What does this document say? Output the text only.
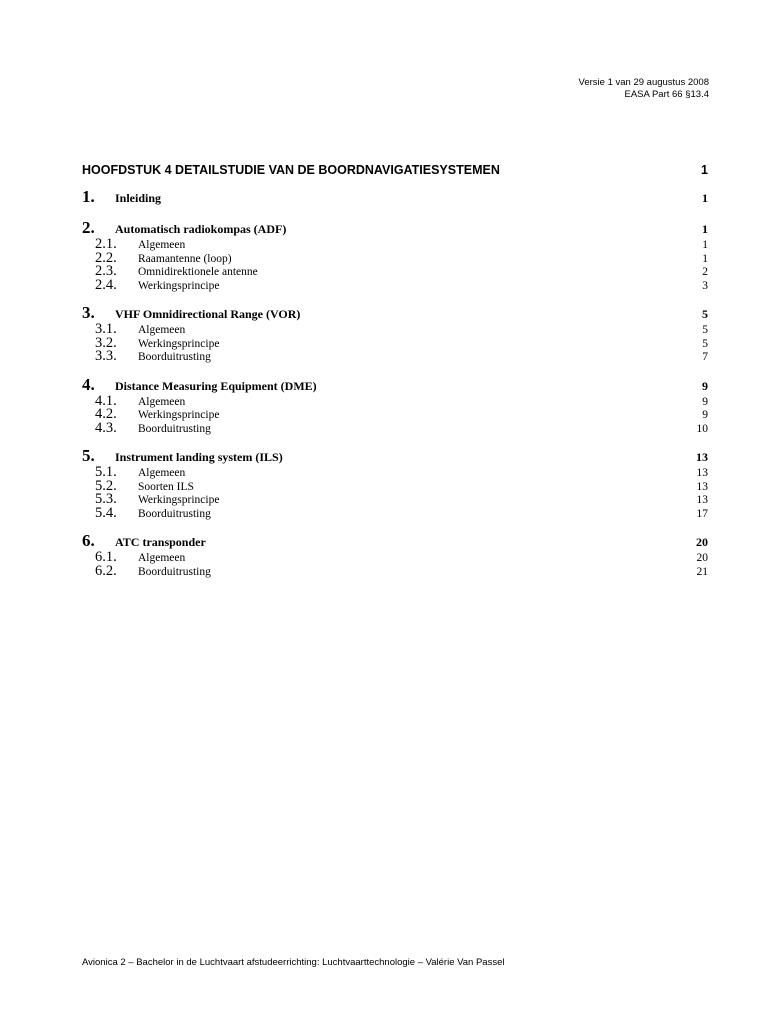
Versie 1 van 29 augustus 2008
EASA Part 66 §13.4
HOOFDSTUK 4 DETAILSTUDIE VAN DE BOORDNAVIGATIESYSTEMEN	1
1.	Inleiding	1
2.	Automatisch radiokompas (ADF)	1
2.1.	Algemeen	1
2.2.	Raamantenne (loop)	1
2.3.	Omnidirektionele antenne	2
2.4.	Werkingsprincipe	3
3.	VHF Omnidirectional Range (VOR)	5
3.1.	Algemeen	5
3.2.	Werkingsprincipe	5
3.3.	Boorduitrusting	7
4.	Distance Measuring Equipment (DME)	9
4.1.	Algemeen	9
4.2.	Werkingsprincipe	9
4.3.	Boorduitrusting	10
5.	Instrument landing system (ILS)	13
5.1.	Algemeen	13
5.2.	Soorten ILS	13
5.3.	Werkingsprincipe	13
5.4.	Boorduitrusting	17
6.	ATC transponder	20
6.1.	Algemeen	20
6.2.	Boorduitrusting	21
Avionica 2 – Bachelor in de Luchtvaart afstudeerrichting: Luchtvaarttechnologie – Valérie Van Passel
